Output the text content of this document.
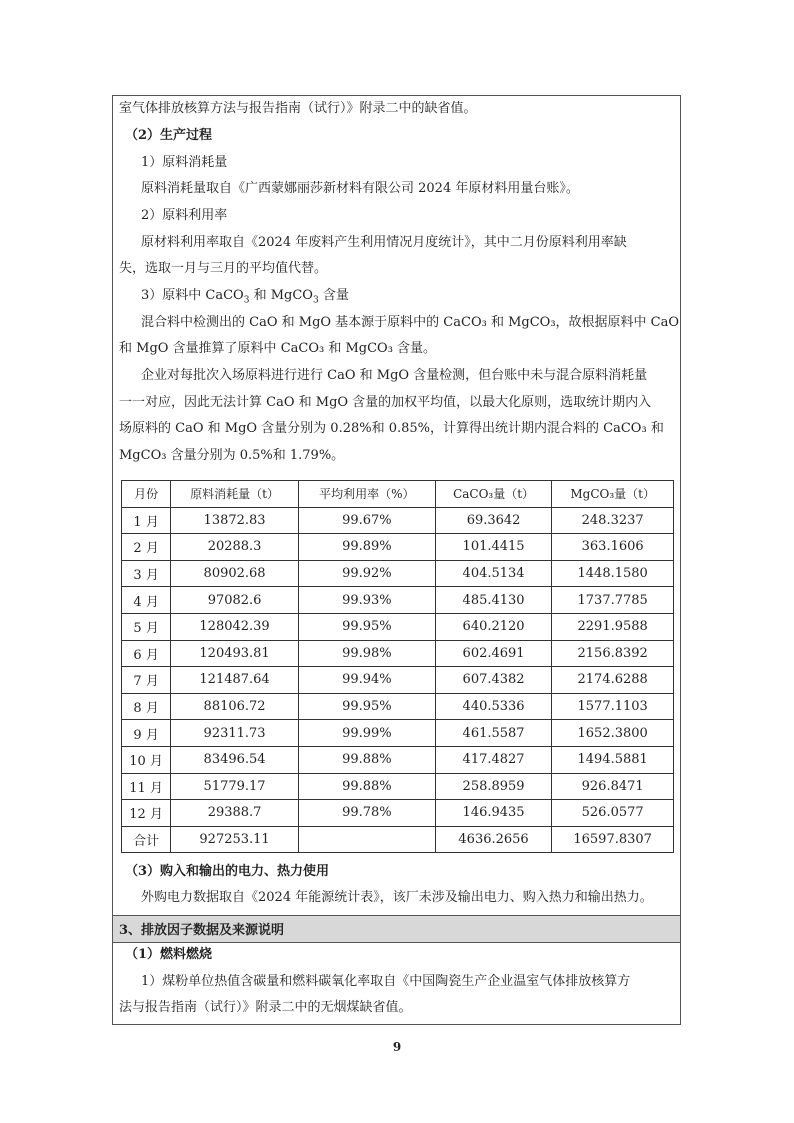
室气体排放核算方法与报告指南（试行）》附录二中的缺省值。
（2）生产过程
1）原料消耗量
原料消耗量取自《广西蒙娜丽莎新材料有限公司 2024 年原材料用量台账》。
2）原料利用率
原材料利用率取自《2024 年废料产生利用情况月度统计》，其中二月份原料利用率缺
失，选取一月与三月的平均值代替。
3）原料中 CaCO$_3$ 和 MgCO$_3$ 含量
混合料中检测出的 CaO 和 MgO 基本源于原料中的 CaCO₃ 和 MgCO₃，故根据原料中 CaO
和 MgO 含量推算了原料中 CaCO₃ 和 MgCO₃ 含量。
企业对每批次入场原料进行进行 CaO 和 MgO 含量检测，但台账中未与混合原料消耗量
一一对应，因此无法计算 CaO 和 MgO 含量的加权平均值，以最大化原则，选取统计期内入
场原料的 CaO 和 MgO 含量分别为 0.28%和 0.85%，计算得出统计期内混合料的 CaCO₃ 和
MgCO₃ 含量分别为 0.5%和 1.79%。
月份	原料消耗量（t）	平均利用率（%）	CaCO₃量（t）	MgCO₃量（t）
1 月	13872.83	99.67%	69.3642	248.3237
2 月	20288.3	99.89%	101.4415	363.1606
3 月	80902.68	99.92%	404.5134	1448.1580
4 月	97082.6	99.93%	485.4130	1737.7785
5 月	128042.39	99.95%	640.2120	2291.9588
6 月	120493.81	99.98%	602.4691	2156.8392
7 月	121487.64	99.94%	607.4382	2174.6288
8 月	88106.72	99.95%	440.5336	1577.1103
9 月	92311.73	99.99%	461.5587	1652.3800
10 月	83496.54	99.88%	417.4827	1494.5881
11 月	51779.17	99.88%	258.8959	926.8471
12 月	29388.7	99.78%	146.9435	526.0577
合计	927253.11		4636.2656	16597.8307
（3）购入和输出的电力、热力使用
外购电力数据取自《2024 年能源统计表》，该厂未涉及输出电力、购入热力和输出热力。
3、排放因子数据及来源说明
（1）燃料燃烧
1）煤粉单位热值含碳量和燃料碳氧化率取自《中国陶瓷生产企业温室气体排放核算方
法与报告指南（试行）》附录二中的无烟煤缺省值。
9
